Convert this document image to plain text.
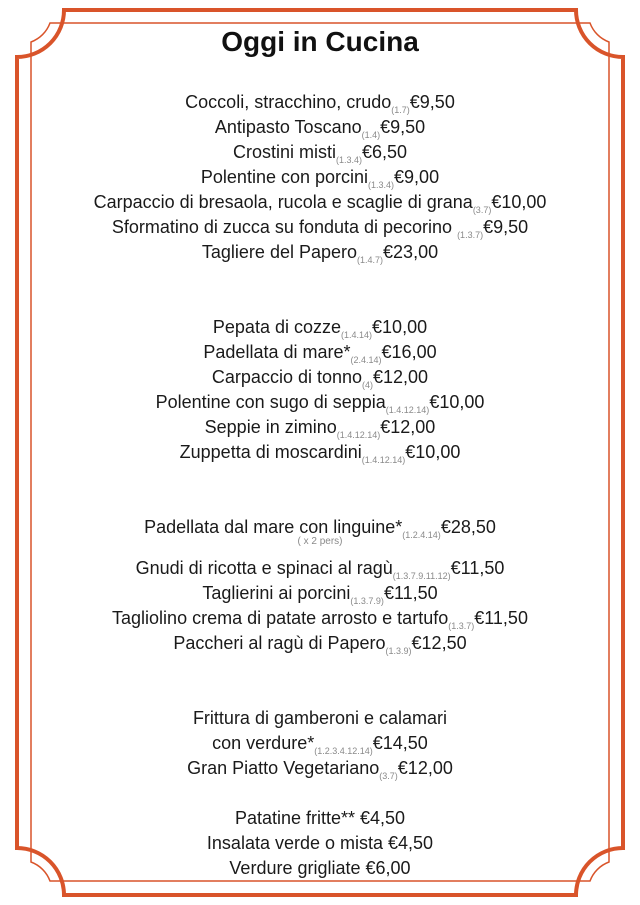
Oggi in Cucina
Coccoli, stracchino, crudo$_{(1.7)}$€9,50
Antipasto Toscano$_{(1.4)}$€9,50
Crostini misti$_{(1.3.4)}$€6,50
Polentine con porcini$_{(1.3.4)}$€9,00
Carpaccio di bresaola, rucola e scaglie di grana$_{(3.7)}$€10,00
Sformatino di zucca su fonduta di pecorino $_{(1.3.7)}$€9,50
Tagliere del Papero$_{(1.4.7)}$€23,00
Pepata di cozze$_{(1.4.14)}$€10,00
Padellata di $mare*_{(2.4.14)}€16,00$
Carpaccio di tonno$_{(4)}$€12,00
Polentine con sugo di seppia$_{(1.4.12.14)}$€10,00
Seppie in zimino$_{(1.4.12.14)}$€12,00
Zuppetta di moscardini$_{(1.4.12.14)}$€10,00
Padellata dal mare con $linguine*_{(1.2.4.14)}€28,50$
( x 2 pers)
Gnudi di ricotta e spinaci al ragù$_{(1.3.7.9.11.12)}$€11,50
Taglierini ai porcini$_{(1.3.7.9)}$€11,50
Tagliolino crema di patate arrosto e tartufo$_{(1.3.7)}$€11,50
Paccheri al ragù di Papero$_{(1.3.9)}$€12,50
Frittura di gamberoni e calamari
con $verdure*_{(1.2.3.4.12.14)}€14,50$
Gran Piatto Vegetariano$_{(3.7)}$€12,00
Patatine fritte** €4,50
Insalata verde o mista €4,50
Verdure grigliate €6,00
